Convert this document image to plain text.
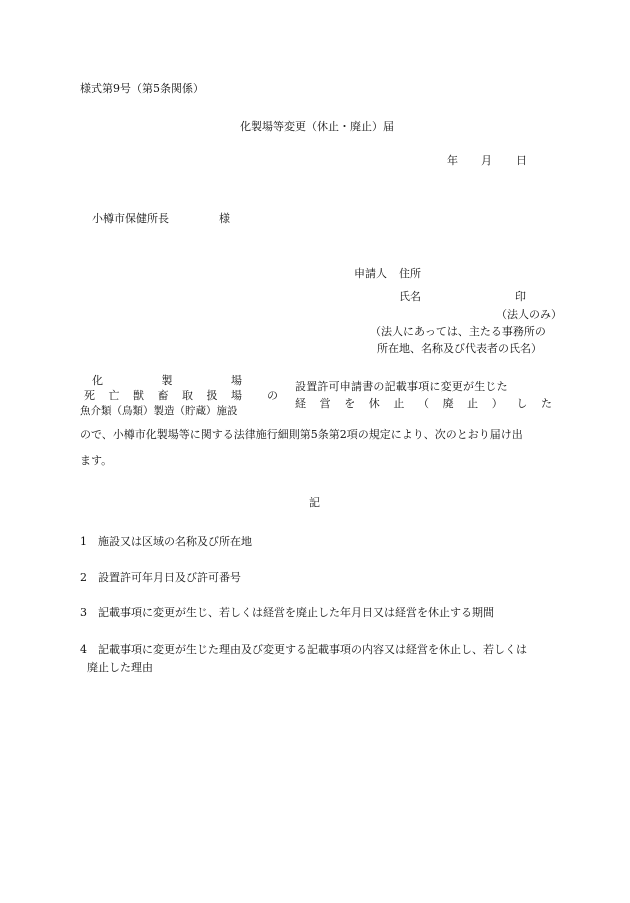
様式第9号（第5条関係）
化製場等変更（休止・廃止）届
年 月 日
小樽市保健所長	様
申請人 住所
氏名	印
（法人のみ）
（法人にあっては、主たる事務所の
所在地、名称及び代表者の氏名）
化	製	場
死 亡 獣 畜 取 扱 場
魚介類（鳥類）製造（貯蔵）施設
の
設置許可申請書の記載事項に変更が生じた
経 営 を 休 止 （ 廃 止 ） し た
ので、小樽市化製場等に関する法律施行細則第5条第2項の規定により、次のとおり届け出
ます。
記
1 施設又は区域の名称及び所在地
2 設置許可年月日及び許可番号
3 記載事項に変更が生じ、若しくは経営を廃止した年月日又は経営を休止する期間
4 記載事項に変更が生じた理由及び変更する記載事項の内容又は経営を休止し、若しくは
廃止した理由
